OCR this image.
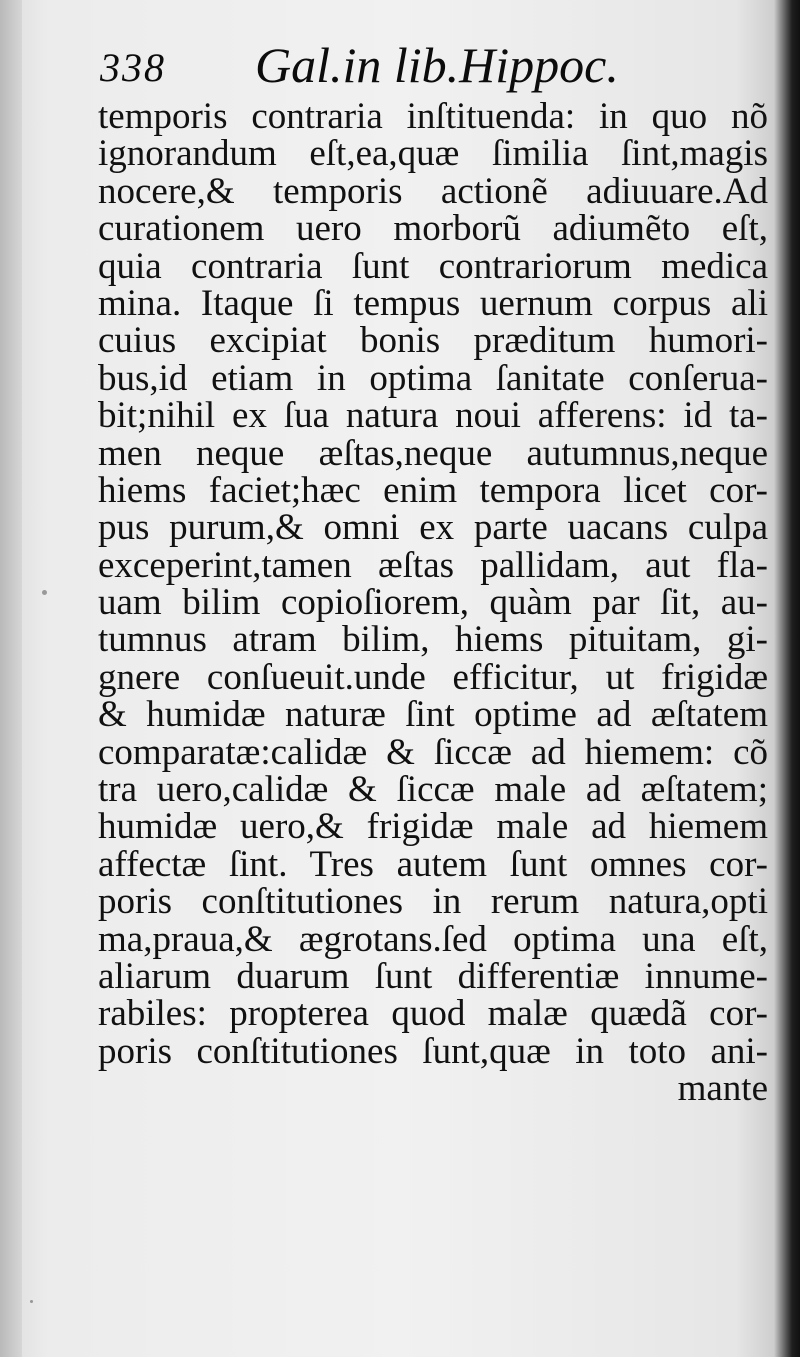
338 Gal.in lib.Hippoc.
temporis contraria inſtituenda: in quo nõ
ignorandum eſt,ea,quæ ſimilia ſint,magis
nocere,& temporis actionẽ adiuuare.Ad
curationem uero morborũ adiumẽto eſt,
quia contraria ſunt contrariorum medica
mina. Itaque ſi tempus uernum corpus ali
cuius excipiat bonis præditum humori-
bus,id etiam in optima ſanitate conſerua-
bit;nihil ex ſua natura noui afferens: id ta-
men neque æſtas,neque autumnus,neque
hiems faciet;hæc enim tempora licet cor-
pus purum,& omni ex parte uacans culpa
exceperint,tamen æſtas pallidam, aut fla-
uam bilim copioſiorem, quàm par ſit, au-
tumnus atram bilim, hiems pituitam, gi-
gnere conſueuit.unde efficitur, ut frigidæ
& humidæ naturæ ſint optime ad æſtatem
comparatæ:calidæ & ſiccæ ad hiemem: cõ
tra uero,calidæ & ſiccæ male ad æſtatem;
humidæ uero,& frigidæ male ad hiemem
affectæ ſint. Tres autem ſunt omnes cor-
poris conſtitutiones in rerum natura,opti
ma,praua,& ægrotans.ſed optima una eſt,
aliarum duarum ſunt differentiæ innume-
rabiles: propterea quod malæ quædã cor-
poris conſtitutiones ſunt,quæ in toto ani-
mante
